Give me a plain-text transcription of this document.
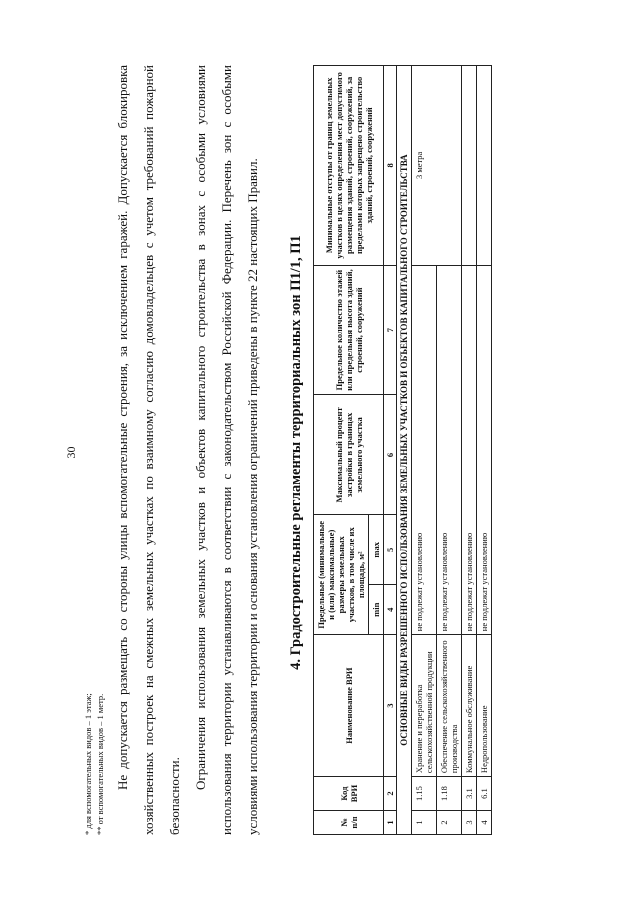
30
* для вспомогательных видов – 1 этаж; ** от вспомогательных видов – 1 метр. Не допускается размещать со стороны улицы вспомогательные строения, за исключением гаражей. Допускается блокировка хозяйственных построек на смежных земельных участках по взаимному согласию домовладельцев с учетом требований пожарной безопасности.
Ограничения использования земельных участков и объектов капитального строительства в зонах с особыми условиями использования территории устанавливаются в соответствии с законодательством Российской Федерации. Перечень зон с особыми условиями использования территории и основания установления ограничений приведены в пункте 22 настоящих Правил.	4. Градостроительные регламенты территориальных зон П1/1, П1
№ п/п	Код ВРИ	Наименование ВРИ	Предельные (минимальные и (или) максимальные) размеры земельных участков, в том числе их площадь, м²		Максимальный процент застройки в границах земельного участка	Предельное количество этажей или предельная высота зданий, строений, сооружений	Минимальные отступы от границ земельных участков в целях определения мест допустимого размещения зданий, строений, сооружений, за пределами которых запрещено строительство зданий, строений, сооружений
			min	max			
1	2	3	4	5	6	7	8
ОСНОВНЫЕ ВИДЫ РАЗРЕШЕННОГО ИСПОЛЬЗОВАНИЯ ЗЕМЕЛЬНЫХ УЧАСТКОВ И ОБЪЕКТОВ КАПИТАЛЬНОГО СТРОИТЕЛЬСТВА							
1	1.15	Хранение и переработка сельскохозяйственной продукции	не подлежат установлению				3 метра
2	1.18	Обеспечение сельскохозяйственного производства	не подлежат установлению				
3	3.1	Коммунальное обслуживание	не подлежат установлению				
4	6.1	Недропользование	не подлежат установлению				
